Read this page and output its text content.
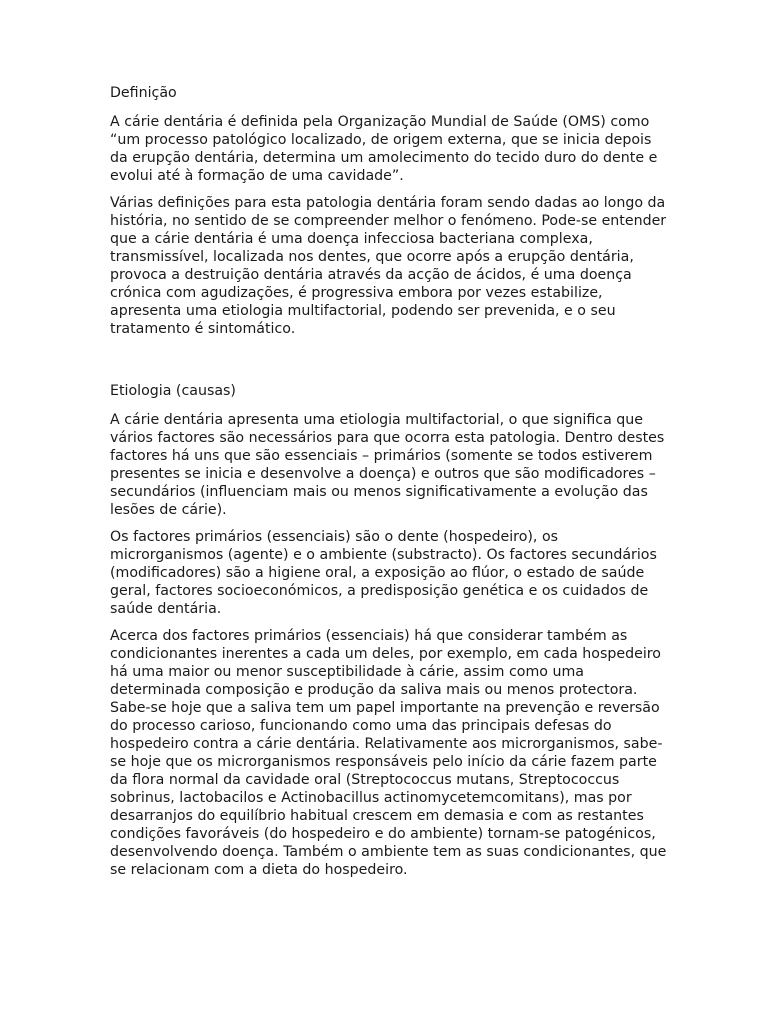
Definição

A cárie dentária é definida pela Organização Mundial de Saúde (OMS) como “um processo patológico localizado, de origem externa, que se inicia depois da erupção dentária, determina um amolecimento do tecido duro do dente e evolui até à formação de uma cavidade”.

Várias definições para esta patologia dentária foram sendo dadas ao longo da história, no sentido de se compreender melhor o fenómeno. Pode-se entender que a cárie dentária é uma doença infecciosa bacteriana complexa, transmissível, localizada nos dentes, que ocorre após a erupção dentária, provoca a destruição dentária através da acção de ácidos, é uma doença crónica com agudizações, é progressiva embora por vezes estabilize, apresenta uma etiologia multifactorial, podendo ser prevenida, e o seu tratamento é sintomático.

Etiologia (causas)

A cárie dentária apresenta uma etiologia multifactorial, o que significa que vários factores são necessários para que ocorra esta patologia. Dentro destes factores há uns que são essenciais – primários (somente se todos estiverem presentes se inicia e desenvolve a doença) e outros que são modificadores – secundários (influenciam mais ou menos significativamente a evolução das lesões de cárie).

Os factores primários (essenciais) são o dente (hospedeiro), os microrganismos (agente) e o ambiente (substracto). Os factores secundários (modificadores) são a higiene oral, a exposição ao flúor, o estado de saúde geral, factores socioeconómicos, a predisposição genética e os cuidados de saúde dentária.

Acerca dos factores primários (essenciais) há que considerar também as condicionantes inerentes a cada um deles, por exemplo, em cada hospedeiro há uma maior ou menor susceptibilidade à cárie, assim como uma determinada composição e produção da saliva mais ou menos protectora. Sabe-se hoje que a saliva tem um papel importante na prevenção e reversão do processo carioso, funcionando como uma das principais defesas do hospedeiro contra a cárie dentária. Relativamente aos microrganismos, sabe-se hoje que os microrganismos responsáveis pelo início da cárie fazem parte da flora normal da cavidade oral (Streptococcus mutans, Streptococcus sobrinus, lactobacilos e Actinobacillus actinomycetemcomitans), mas por desarranjos do equilíbrio habitual crescem em demasia e com as restantes condições favoráveis (do hospedeiro e do ambiente) tornam-se patogénicos, desenvolvendo doença. Também o ambiente tem as suas condicionantes, que se relacionam com a dieta do hospedeiro.
